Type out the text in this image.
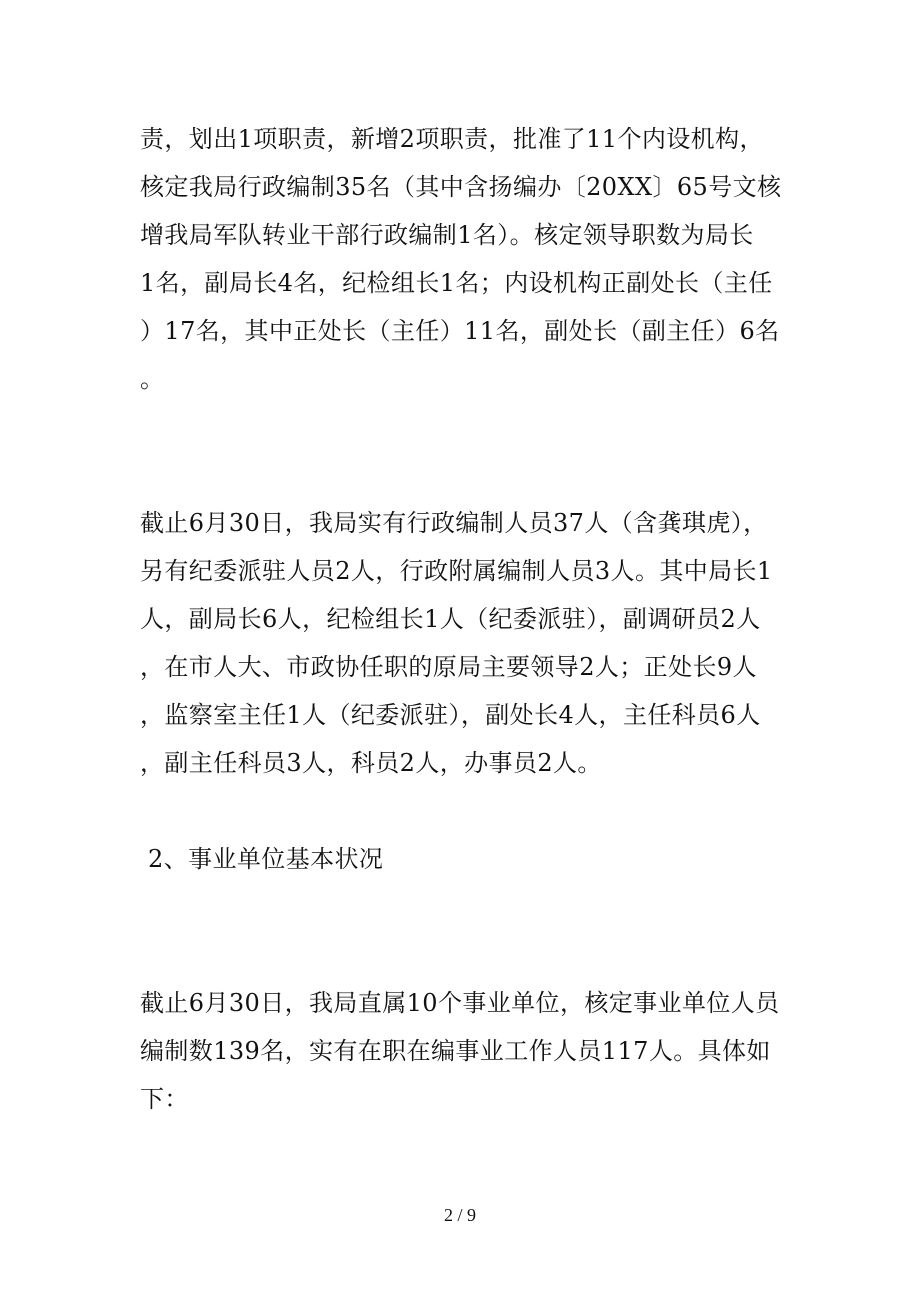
责，划出1项职责，新增2项职责，批准了11个内设机构，
核定我局行政编制35名（其中含扬编办〔20XX〕65号文核
增我局军队转业干部行政编制1名）。核定领导职数为局长
1名，副局长4名，纪检组长1名；内设机构正副处长（主任
）17名，其中正处长（主任）11名，副处长（副主任）6名
。
截止6月30日，我局实有行政编制人员37人（含龚琪虎），
另有纪委派驻人员2人，行政附属编制人员3人。其中局长1
人，副局长6人，纪检组长1人（纪委派驻），副调研员2人
，在市人大、市政协任职的原局主要领导2人；正处长9人
，监察室主任1人（纪委派驻），副处长4人，主任科员6人
，副主任科员3人，科员2人，办事员2人。
2、事业单位基本状况
截止6月30日，我局直属10个事业单位，核定事业单位人员
编制数139名，实有在职在编事业工作人员117人。具体如
下：
2 / 9
